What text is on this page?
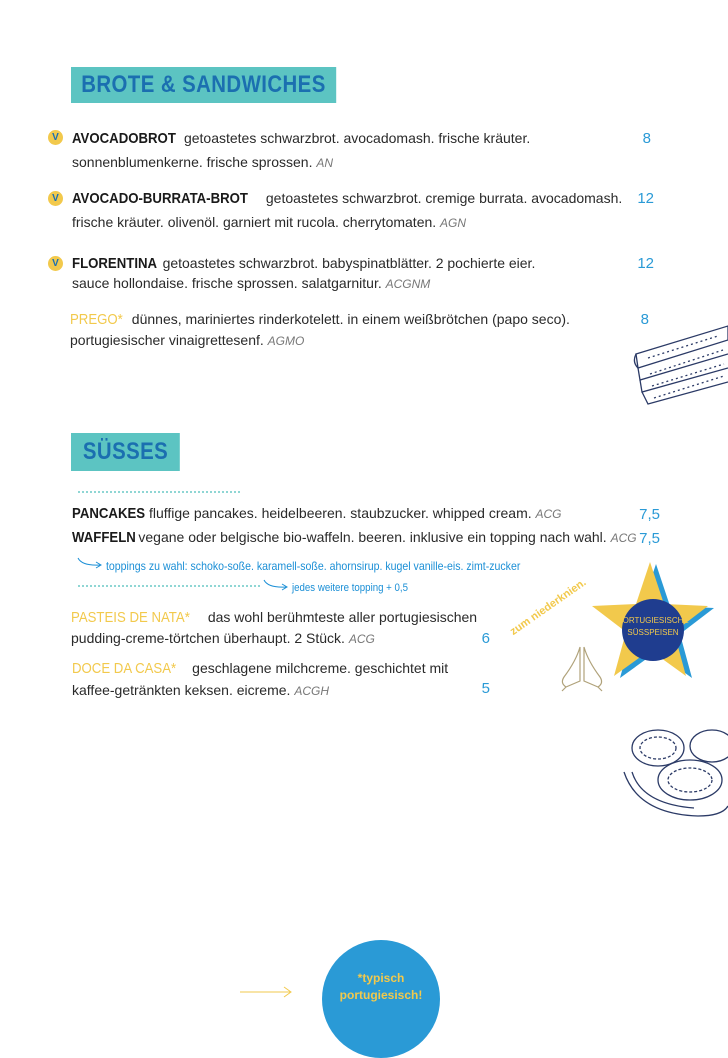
BROTE & SANDWICHES
V AVOCADOBROT getoastetes schwarzbrot. avocadomash. frische kräuter.
sonnenblumenkerne. frische sprossen. AN
8
V AVOCADO-BURRATA-BROT getoastetes schwarzbrot. cremige burrata. avocadomash.
frische kräuter. olivenöl. garniert mit rucola. cherrytomaten. AGN
12
V FLORENTINA getoastetes schwarzbrot. babyspinatblätter. 2 pochierte eier.
sauce hollondaise. frische sprossen. salatgarnitur. ACGNM
12
PREGO* dünnes, mariniertes rinderkotelett. in einem weißbrötchen (papo seco).
portugiesischer vinaigrettesenf. AGMO
8
SÜSSES
PANCAKES fluffige pancakes. heidelbeeren. staubzucker. whipped cream. ACG	7,5
WAFFELN vegane oder belgische bio-waffeln. beeren. inklusive ein topping nach wahl. ACG 7,5
toppings zu wahl: schoko-soße. karamell-soße. ahornsirup. kugel vanille-eis. zimt-zucker
jedes weitere topping + 0,5
PASTEIS DE NATA* das wohl berühmteste aller portugiesischen
pudding-creme-törtchen überhaupt. 2 Stück. ACG	6
DOCE DA CASA* geschlagene milchcreme. geschichtet mit
kaffee-getränkten keksen. eicreme. ACGH	5
zum niederknien.	PORTUGIESISCHE
SÜSSPEISEN
*typisch
portugiesisch!
